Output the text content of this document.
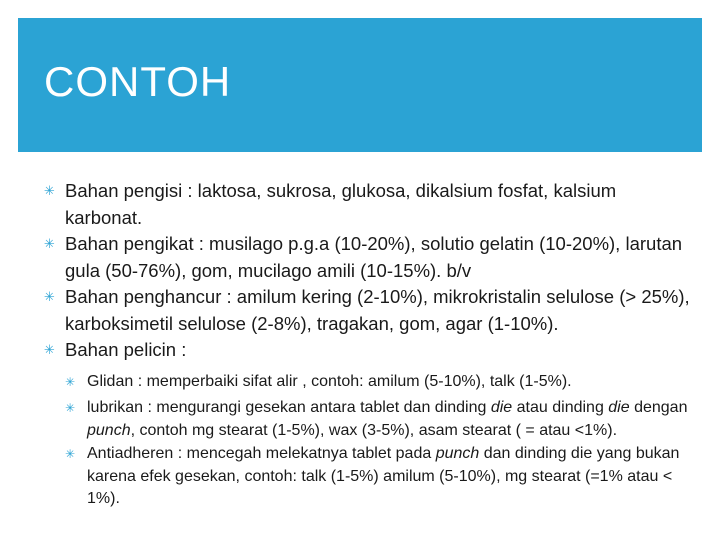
CONTOH
✳ Bahan pengisi : laktosa, sukrosa, glukosa, dikalsium fosfat, kalsium karbonat.
✳ Bahan pengikat : musilago p.g.a (10-20%), solutio gelatin (10-20%), larutan gula (50-76%), gom, mucilago amili (10-15%). b/v
✳ Bahan penghancur : amilum kering (2-10%), mikrokristalin selulose (> 25%), karboksimetil selulose (2-8%), tragakan, gom, agar (1-10%).
✳ Bahan pelicin :
✳ Glidan : memperbaiki sifat alir , contoh: amilum (5-10%), talk (1-5%).
✳ lubrikan : mengurangi gesekan antara tablet dan dinding die atau dinding die dengan punch, contoh mg stearat (1-5%), wax (3-5%), asam stearat ( = atau <1%).
✳ Antiadheren : mencegah melekatnya tablet pada punch dan dinding die yang bukan karena efek gesekan, contoh: talk (1-5%) amilum (5-10%), mg stearat (=1% atau < 1%).
